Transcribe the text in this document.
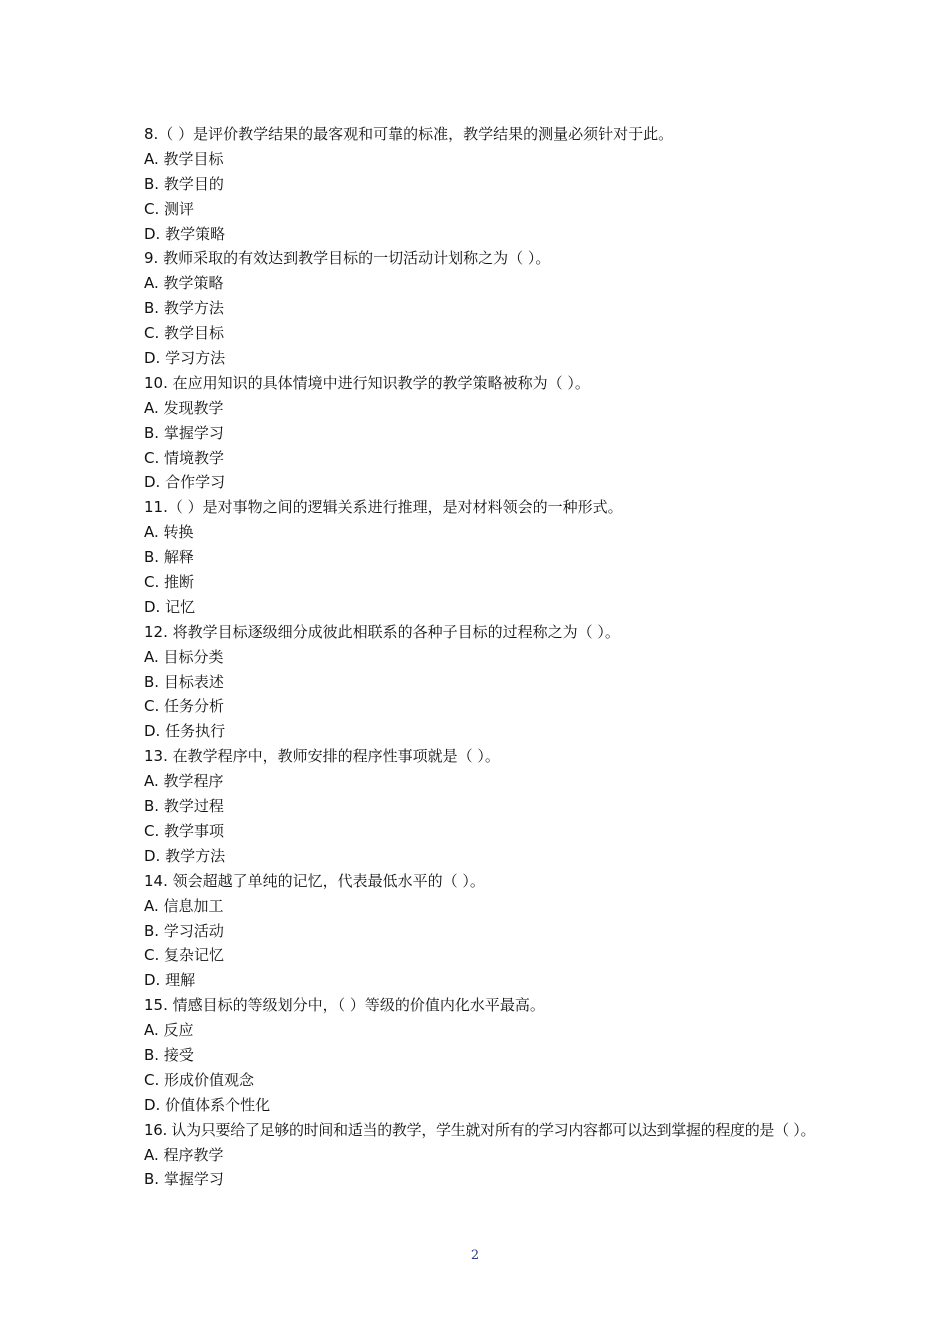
8.（ ）是评价教学结果的最客观和可靠的标准，教学结果的测量必须针对于此。
A. 教学目标
B. 教学目的
C. 测评
D. 教学策略
9. 教师采取的有效达到教学目标的一切活动计划称之为（ ）。
A. 教学策略
B. 教学方法
C. 教学目标
D. 学习方法
10. 在应用知识的具体情境中进行知识教学的教学策略被称为（ ）。
A. 发现教学
B. 掌握学习
C. 情境教学
D. 合作学习
11.（ ）是对事物之间的逻辑关系进行推理，是对材料领会的一种形式。
A. 转换
B. 解释
C. 推断
D. 记忆
12. 将教学目标逐级细分成彼此相联系的各种子目标的过程称之为（ ）。
A. 目标分类
B. 目标表述
C. 任务分析
D. 任务执行
13. 在教学程序中，教师安排的程序性事项就是（ ）。
A. 教学程序
B. 教学过程
C. 教学事项
D. 教学方法
14. 领会超越了单纯的记忆，代表最低水平的（ ）。
A. 信息加工
B. 学习活动
C. 复杂记忆
D. 理解
15. 情感目标的等级划分中，（ ）等级的价值内化水平最高。
A. 反应
B. 接受
C. 形成价值观念
D. 价值体系个性化
16. 认为只要给了足够的时间和适当的教学，学生就对所有的学习内容都可以达到掌握的程度的是（ ）。
A. 程序教学
B. 掌握学习
2
